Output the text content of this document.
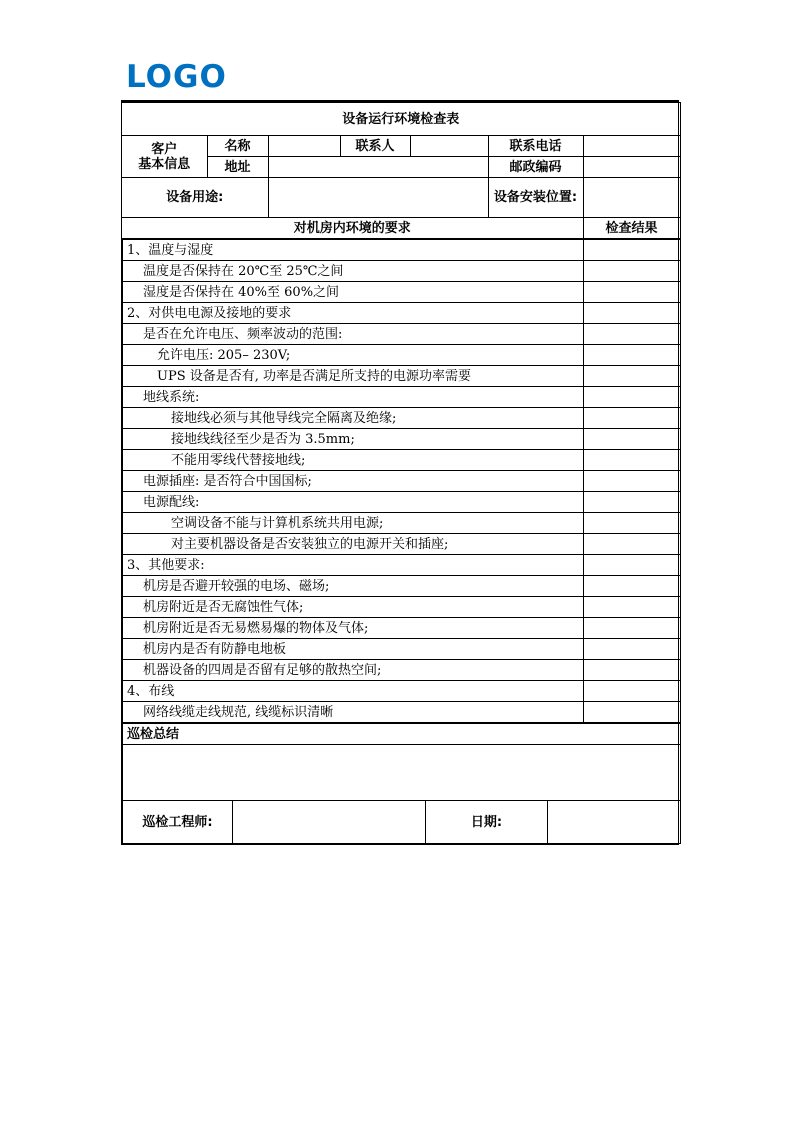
LOGO
设备运行环境检查表						
客户
基本信息	名称		联系人		联系电话	
	地址				邮政编码	
设备用途:					设备安装位置:	
对机房内环境的要求						检查结果
1、温度与湿度	
温度是否保持在 20℃至 25℃之间	
湿度是否保持在 40%至 60%之间	
2、对供电电源及接地的要求	
是否在允许电压、频率波动的范围:	
允许电压: 205– 230V;	
UPS 设备是否有, 功率是否满足所支持的电源功率需要	
地线系统:	
接地线必须与其他导线完全隔离及绝缘;	
接地线线径至少是否为 3.5mm;	
不能用零线代替接地线;	
电源插座: 是否符合中国国标;	
电源配线:	
空调设备不能与计算机系统共用电源;	
对主要机器设备是否安装独立的电源开关和插座;	
3、其他要求:	
机房是否避开较强的电场、磁场;	
机房附近是否无腐蚀性气体;	
机房附近是否无易燃易爆的物体及气体;	
机房内是否有防静电地板	
机器设备的四周是否留有足够的散热空间;	
4、布线	
网络线缆走线规范, 线缆标识清晰	
巡检总结

巡检工程师:		日期:	
